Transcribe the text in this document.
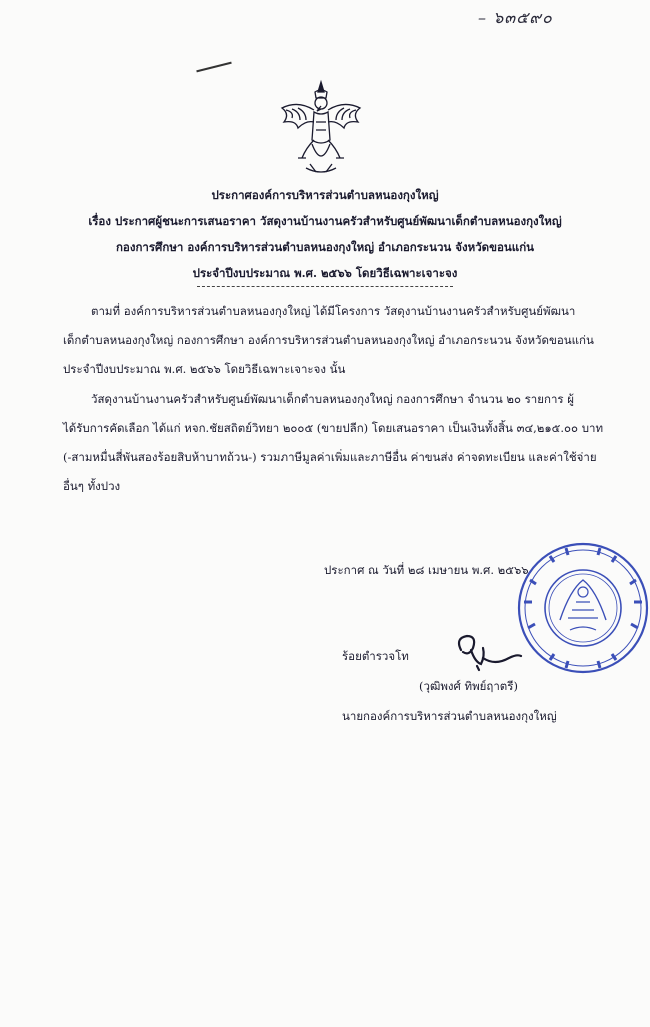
– ๖๓๕๙๐
ประกาศองค์การบริหารส่วนตำบลหนองกุงใหญ่
เรื่อง ประกาศผู้ชนะการเสนอราคา วัสดุงานบ้านงานครัวสำหรับศูนย์พัฒนาเด็กตำบลหนองกุงใหญ่
กองการศึกษา องค์การบริหารส่วนตำบลหนองกุงใหญ่ อำเภอกระนวน จังหวัดขอนแก่น
ประจำปีงบประมาณ พ.ศ. ๒๕๖๖ โดยวิธีเฉพาะเจาะจง
ตามที่ องค์การบริหารส่วนตำบลหนองกุงใหญ่ ได้มีโครงการ วัสดุงานบ้านงานครัวสำหรับศูนย์พัฒนา
เด็กตำบลหนองกุงใหญ่ กองการศึกษา องค์การบริหารส่วนตำบลหนองกุงใหญ่ อำเภอกระนวน จังหวัดขอนแก่น
ประจำปีงบประมาณ พ.ศ. ๒๕๖๖ โดยวิธีเฉพาะเจาะจง นั้น
วัสดุงานบ้านงานครัวสำหรับศูนย์พัฒนาเด็กตำบลหนองกุงใหญ่ กองการศึกษา จำนวน ๒๐ รายการ ผู้
ได้รับการคัดเลือก ได้แก่ หจก.ชัยสถิตย์วิทยา ๒๐๐๕ (ขายปลีก) โดยเสนอราคา เป็นเงินทั้งสิ้น ๓๔,๒๑๕.๐๐ บาท
(-สามหมื่นสี่พันสองร้อยสิบห้าบาทถ้วน-) รวมภาษีมูลค่าเพิ่มและภาษีอื่น ค่าขนส่ง ค่าจดทะเบียน และค่าใช้จ่าย
อื่นๆ ทั้งปวง
ประกาศ ณ วันที่ ๒๘ เมษายน พ.ศ. ๒๕๖๖
ร้อยตำรวจโท
(วุฒิพงศ์ ทิพย์ฤาตรี)
นายกองค์การบริหารส่วนตำบลหนองกุงใหญ่
